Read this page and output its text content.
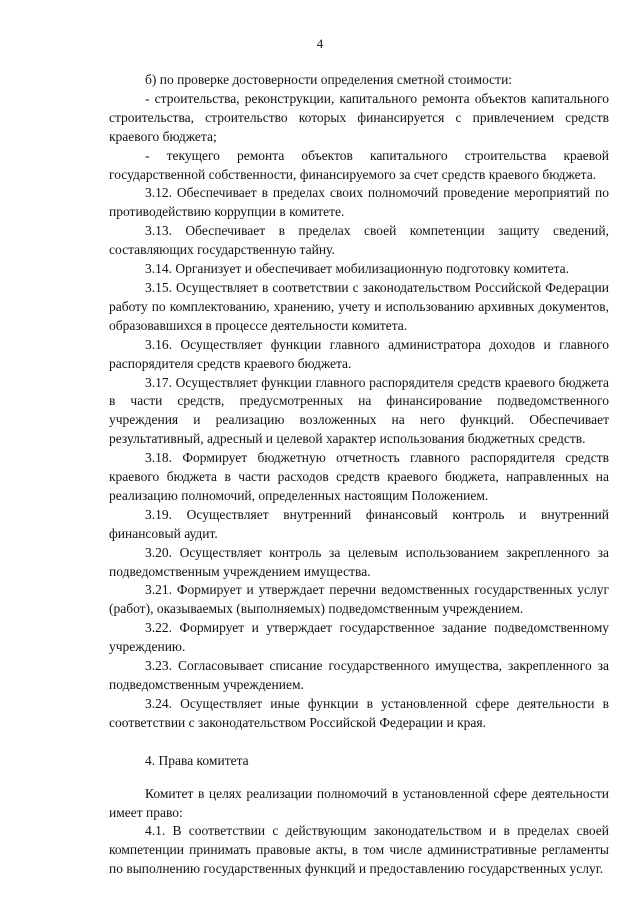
4

б) по проверке достоверности определения сметной стоимости:

- строительства, реконструкции, капитального ремонта объектов капитального строительства, строительство которых финансируется с привлечением средств краевого бюджета;

- текущего ремонта объектов капитального строительства краевой государственной собственности, финансируемого за счет средств краевого бюджета.

3.12. Обеспечивает в пределах своих полномочий проведение мероприятий по противодействию коррупции в комитете.

3.13. Обеспечивает в пределах своей компетенции защиту сведений, составляющих государственную тайну.

3.14. Организует и обеспечивает мобилизационную подготовку комитета.

3.15. Осуществляет в соответствии с законодательством Российской Федерации работу по комплектованию, хранению, учету и использованию архивных документов, образовавшихся в процессе деятельности комитета.

3.16. Осуществляет функции главного администратора доходов и главного распорядителя средств краевого бюджета.

3.17. Осуществляет функции главного распорядителя средств краевого бюджета в части средств, предусмотренных на финансирование подведомственного учреждения и реализацию возложенных на него функций. Обеспечивает результативный, адресный и целевой характер использования бюджетных средств.

3.18. Формирует бюджетную отчетность главного распорядителя средств краевого бюджета в части расходов средств краевого бюджета, направленных на реализацию полномочий, определенных настоящим Положением.

3.19. Осуществляет внутренний финансовый контроль и внутренний финансовый аудит.

3.20. Осуществляет контроль за целевым использованием закрепленного за подведомственным учреждением имущества.

3.21. Формирует и утверждает перечни ведомственных государственных услуг (работ), оказываемых (выполняемых) подведомственным учреждением.

3.22. Формирует и утверждает государственное задание подведомственному учреждению.

3.23. Согласовывает списание государственного имущества, закрепленного за подведомственным учреждением.

3.24. Осуществляет иные функции в установленной сфере деятельности в соответствии с законодательством Российской Федерации и края.

4. Права комитета

Комитет в целях реализации полномочий в установленной сфере деятельности имеет право:

4.1. В соответствии с действующим законодательством и в пределах своей компетенции принимать правовые акты, в том числе административные регламенты по выполнению государственных функций и предоставлению государственных услуг.
